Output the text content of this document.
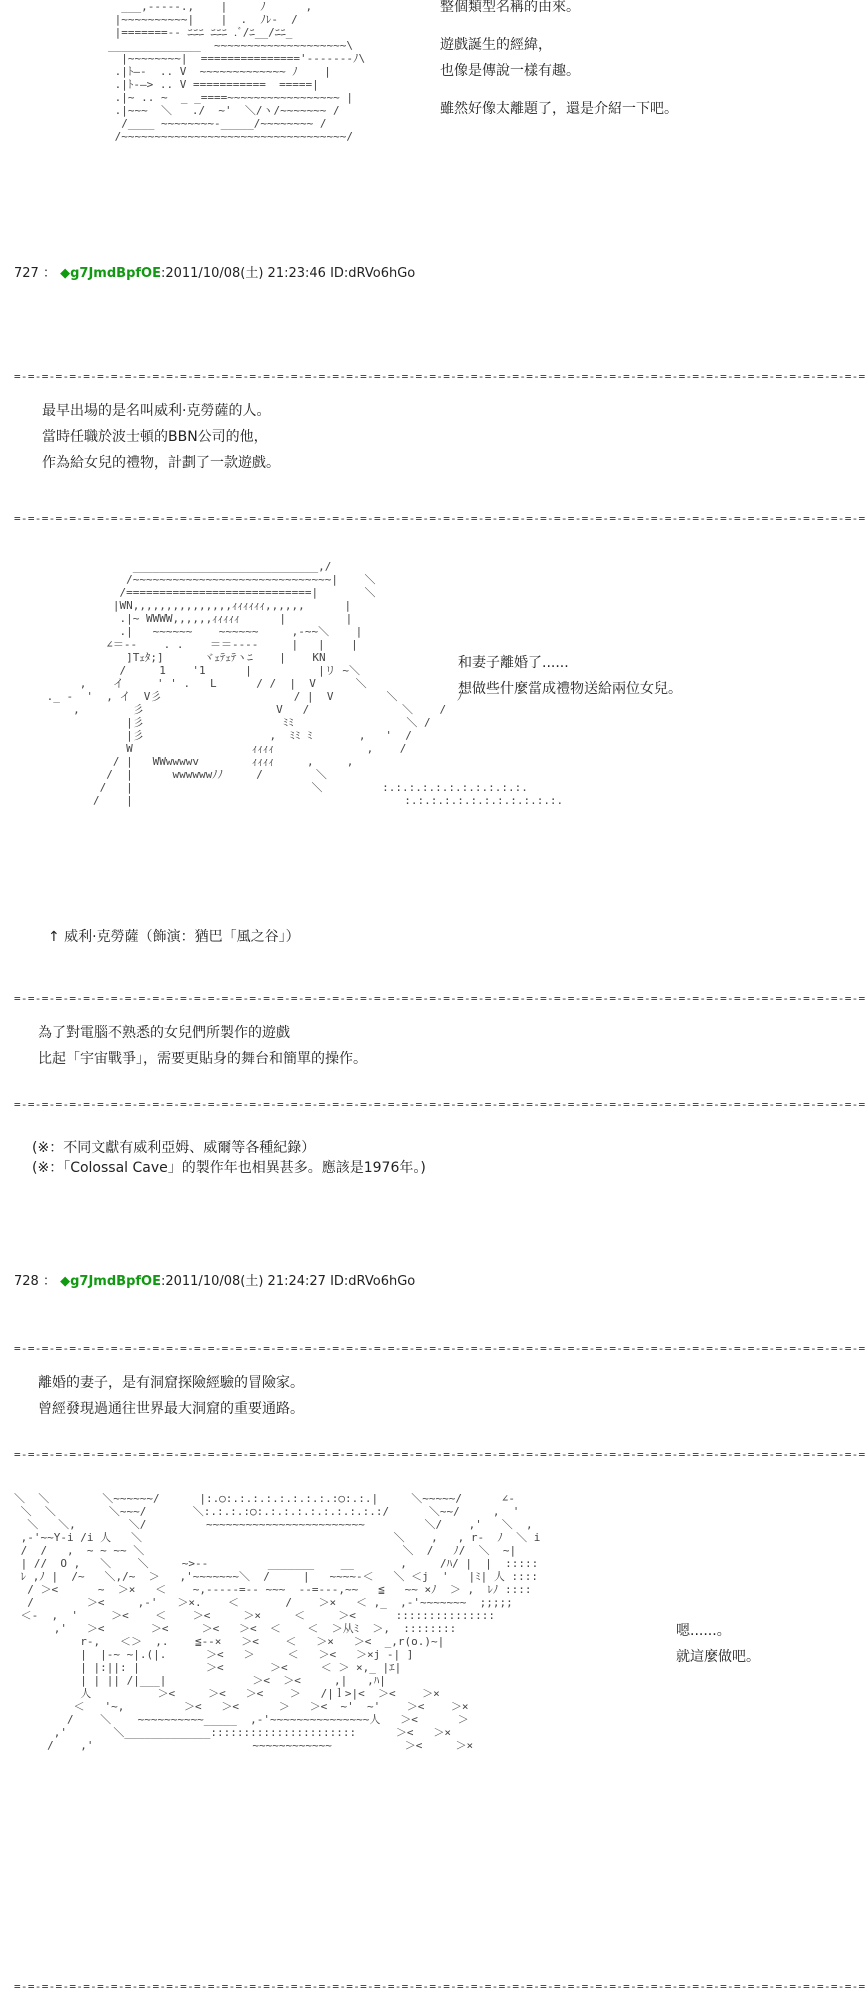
___,-----.,    |     ﾉ      ,
|~~~~~~~~~~|    |  .  ﾉﾚ-  /
|=======-- ﾆﾆﾆ ﾆﾆﾆ .ﾞ/ﾆ__/ﾆﾆ_
______________  ~~~~~~~~~~~~~~~~~~~~\
|~~~~~~~~|  ==============='-------ﾉ\
.|ﾄ―-  .. V  ~~~~~~~~~~~~~ ﾉ    |
.|ﾄ-―> .. V ===========  =====|
.|~ .. ~  _ _====~~~~~~~~~~~~~~~~~ |
.|~~~  ＼   ./  ~'  ＼/ヽ/~~~~~~~ /
/____ ~~~~~~~~-_____/~~~~~~~~ /
/~~~~~~~~~~~~~~~~~~~~~~~~~~~~~~~~~~/
整個類型名稱的由來。
遊戲誕生的經緯，
也像是傳說一樣有趣。
雖然好像太離題了，還是介紹一下吧。
727 ： ◆g7JmdBpfOE:2011/10/08(土) 21:23:46 ID:dRVo6hGo
=-=-=-=-=-=-=-=-=-=-=-=-=-=-=-=-=-=-=-=-=-=-=-=-=-=-=-=-=-=-=-=-=-=-=-=-=-=-=-=-=-=-=-=-=-=-=-=-=-=-=-=-=-=-=-=-=-=-=-=-=-=
最早出場的是名叫威利·克勞薩的人。
當時任職於波士頓的BBN公司的他，
作為給女兒的禮物，計劃了一款遊戲。
=-=-=-=-=-=-=-=-=-=-=-=-=-=-=-=-=-=-=-=-=-=-=-=-=-=-=-=-=-=-=-=-=-=-=-=-=-=-=-=-=-=-=-=-=-=-=-=-=-=-=-=-=-=-=-=-=-=-=-=-=-=
____________________________,/
/~~~~~~~~~~~~~~~~~~~~~~~~~~~~~~|    ＼
/============================|       ＼
|WN,,,,,,,,,,,,,,,ｨｨｨｨｨｨ,,,,,,      |
.|~ WWWW,,,,,,ｨｨｨｨｨ      |         |
.|   ~~~~~~    ~~~~~~     ,-~~＼    |
∠＝--    . .    ＝＝--‐-     |   |    |
]Tｪﾀ;]      ヾｪﾃｪﾃヽﾆ    |    KN
/     1    '1      |          |リ ~＼
,    イ     ' ' .   L      / /  |  V      ＼
._ -  '  , イ  V彡                    / |  V        ＼         ﾉ
,        彡                    V   /              ＼    /
|彡                     ﾐﾐ                 ＼ /
|彡                   ,  ﾐﾐ ﾐ       ,   '  /
W                  ｨｨｨｨ              ,    /
/ |   WWwwwwv        ｨｨｨｨ     ,     ,
/  |      wwwwwwﾉﾉ     /        ＼
/   |                           ＼         :.:.:.:.:.:.:.:.:.:.:.
/    |                                         :.:.:.:.:.:.:.:.:.:.:.:.
和妻子離婚了......
想做些什麼當成禮物送給兩位女兒。
↑ 威利·克勞薩（飾演：猶巴「風之谷」）
=-=-=-=-=-=-=-=-=-=-=-=-=-=-=-=-=-=-=-=-=-=-=-=-=-=-=-=-=-=-=-=-=-=-=-=-=-=-=-=-=-=-=-=-=-=-=-=-=-=-=-=-=-=-=-=-=-=-=-=-=-=
為了對電腦不熟悉的女兒們所製作的遊戲
比起「宇宙戰爭」，需要更貼身的舞台和簡單的操作。
=-=-=-=-=-=-=-=-=-=-=-=-=-=-=-=-=-=-=-=-=-=-=-=-=-=-=-=-=-=-=-=-=-=-=-=-=-=-=-=-=-=-=-=-=-=-=-=-=-=-=-=-=-=-=-=-=-=-=-=-=-=
(※：不同文獻有威利亞姆、威爾等各種紀錄）
(※：「Colossal Cave」的製作年也相異甚多。應該是1976年。)
728 ： ◆g7JmdBpfOE:2011/10/08(土) 21:24:27 ID:dRVo6hGo
=-=-=-=-=-=-=-=-=-=-=-=-=-=-=-=-=-=-=-=-=-=-=-=-=-=-=-=-=-=-=-=-=-=-=-=-=-=-=-=-=-=-=-=-=-=-=-=-=-=-=-=-=-=-=-=-=-=-=-=-=-=
離婚的妻子，是有洞窟探險經驗的冒險家。
曾經發現過通往世界最大洞窟的重要通路。
=-=-=-=-=-=-=-=-=-=-=-=-=-=-=-=-=-=-=-=-=-=-=-=-=-=-=-=-=-=-=-=-=-=-=-=-=-=-=-=-=-=-=-=-=-=-=-=-=-=-=-=-=-=-=-=-=-=-=-=-=-=
＼  ＼        ＼~~~~~~/      |:.○:.:.:.:.:.:.:.:.:○:.:.|     ＼~~~~~/      ∠-
＼  ＼        ＼~~~/       ＼:.:.:.:○:.:.:.:.:.:.:.:.:.:/      ＼~~/     ,  '
＼   ＼,        ＼/         ~~~~~~~~~~~~~~~~~~~~~~~~         ＼/    ,'   ＼  ,
,-'~~Y-i /i 人   ＼                                      ＼    ,   , r-  ﾉ  ＼ i
/  /   ,  ~ ~ ~~ ＼                                       ＼  /   ﾉ/  ＼  ~|
| //  O ,   ＼    ＼     ~>--         _______    __       ,     /ﾊ/ |  |  :::::
ﾚ ,ﾉ |  /~   ＼,/~  ＞   ,'~~~~~~~＼  /     |   ~~~~-＜   ＼ ＜j  '   |ﾐ| 人 ::::
/ ＞<      ~  ＞×   ＜    ~,-----=-- ~~~  --=---,~~   ≦   ~~ ×ﾉ  ＞ ,  ﾚﾉ ::::
/        ＞<     ,-'   ＞×.    ＜       /    ＞×   ＜ ,_  ,-'~~~~~~~  ;;;;;
＜-  ,  '     ＞<    ＜    ＞<     ＞×     ＜     ＞<      :::::::::::::::
,'   ＞<       ＞<     ＞<   ＞<  ＜    ＜  ＞从ﾐ  ＞,  ::::::::
r-,   ＜＞  ,.    ≦--×   ＞<    ＜   ＞×   ＞<  _,r(o.)~|
|  |-~ ~|.(|.      ＞<   ＞     ＜   ＞<   ＞×j -| ]
| |:||: |          ＞<       ＞<     ＜ ＞ ×,_ |ｴ|
| | || /|___|             ＞<  ＞<     ,|   ,ﾊ|
人          ＞<     ＞<   ＞<    ＞   /|ｌ>|<  ＞<    ＞×
＜   '~,         ＞<   ＞<      ＞   ＞<  ~'  ~'    ＞<    ＞×
/    ＼    ~~~~~~~~~~_____  ,-'~~~~~~~~~~~~~~~人   ＞<      ＞
,'       ＼_____________::::::::::::::::::::::      ＞<   ＞×
/    ,'                        ~~~~~~~~~~~~           ＞<     ＞×
嗯......。
就這麼做吧。
=-=-=-=-=-=-=-=-=-=-=-=-=-=-=-=-=-=-=-=-=-=-=-=-=-=-=-=-=-=-=-=-=-=-=-=-=-=-=-=-=-=-=-=-=-=-=-=-=-=-=-=-=-=-=-=-=-=-=-=-=-=
